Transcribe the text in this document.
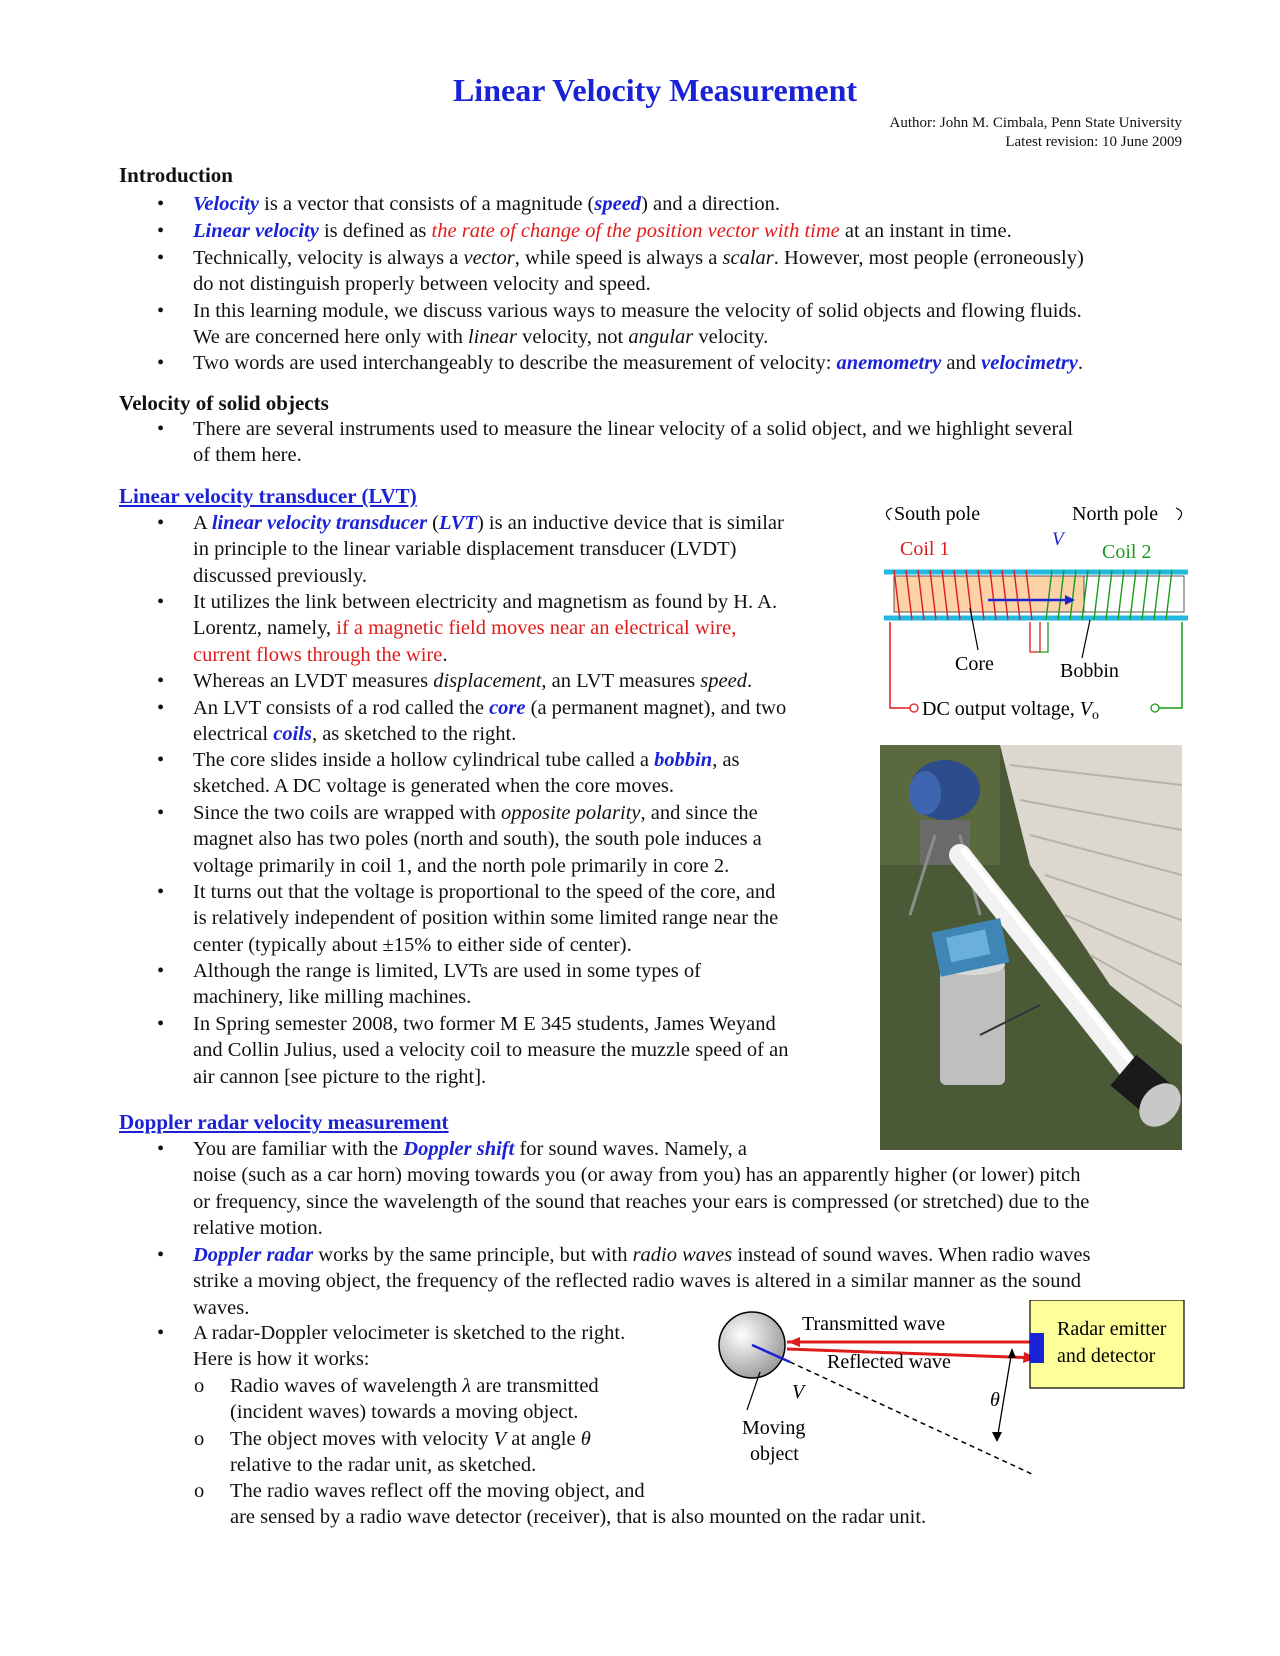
Linear Velocity Measurement
Author: John M. Cimbala, Penn State University
Latest revision: 10 June 2009
Introduction

• Velocity is a vector that consists of a magnitude (speed) and a direction.

• Linear velocity is defined as the rate of change of the position vector with time at an instant in time.

• Technically, velocity is always a vector, while speed is always a scalar. However, most people (erroneously)
do not distinguish properly between velocity and speed.

• In this learning module, we discuss various ways to measure the velocity of solid objects and flowing fluids.
We are concerned here only with linear velocity, not angular velocity.

• Two words are used interchangeably to describe the measurement of velocity: anemometry and velocimetry.

Velocity of solid objects

• There are several instruments used to measure the linear velocity of a solid object, and we highlight several
of them here.

Linear velocity transducer (LVT)

• A linear velocity transducer (LVT) is an inductive device that is similar
in principle to the linear variable displacement transducer (LVDT)
discussed previously.

• It utilizes the link between electricity and magnetism as found by H. A.
Lorentz, namely, if a magnetic field moves near an electrical wire,
current flows through the wire.

• Whereas an LVDT measures displacement, an LVT measures speed.

• An LVT consists of a rod called the core (a permanent magnet), and two
electrical coils, as sketched to the right.

• The core slides inside a hollow cylindrical tube called a bobbin, as
sketched. A DC voltage is generated when the core moves.

• Since the two coils are wrapped with opposite polarity, and since the
magnet also has two poles (north and south), the south pole induces a
voltage primarily in coil 1, and the north pole primarily in core 2.

• It turns out that the voltage is proportional to the speed of the core, and
is relatively independent of position within some limited range near the
center (typically about ±15% to either side of center).

• Although the range is limited, LVTs are used in some types of
machinery, like milling machines.

• In Spring semester 2008, two former M E 345 students, James Weyand
and Collin Julius, used a velocity coil to measure the muzzle speed of an
air cannon [see picture to the right].

South pole	North pole
Coil 1	V
Coil 2
Core	Bobbin
DC output voltage, $V_o$
Doppler radar velocity measurement

• You are familiar with the Doppler shift for sound waves. Namely, a
noise (such as a car horn) moving towards you (or away from you) has an apparently higher (or lower) pitch
or frequency, since the wavelength of the sound that reaches your ears is compressed (or stretched) due to the
relative motion.

• Doppler radar works by the same principle, but with radio waves instead of sound waves. When radio waves
strike a moving object, the frequency of the reflected radio waves is altered in a similar manner as the sound
waves.

• A radar-Doppler velocimeter is sketched to the right.
Here is how it works:

o Radio waves of wavelength λ are transmitted
(incident waves) towards a moving object.

o The object moves with velocity V at angle θ
relative to the radar unit, as sketched.

o The radio waves reflect off the moving object, and
are sensed by a radio wave detector (receiver), that is also mounted on the radar unit.

Transmitted wave
Reflected wave
Radar emitter
and detector
V	θ
Moving
object
